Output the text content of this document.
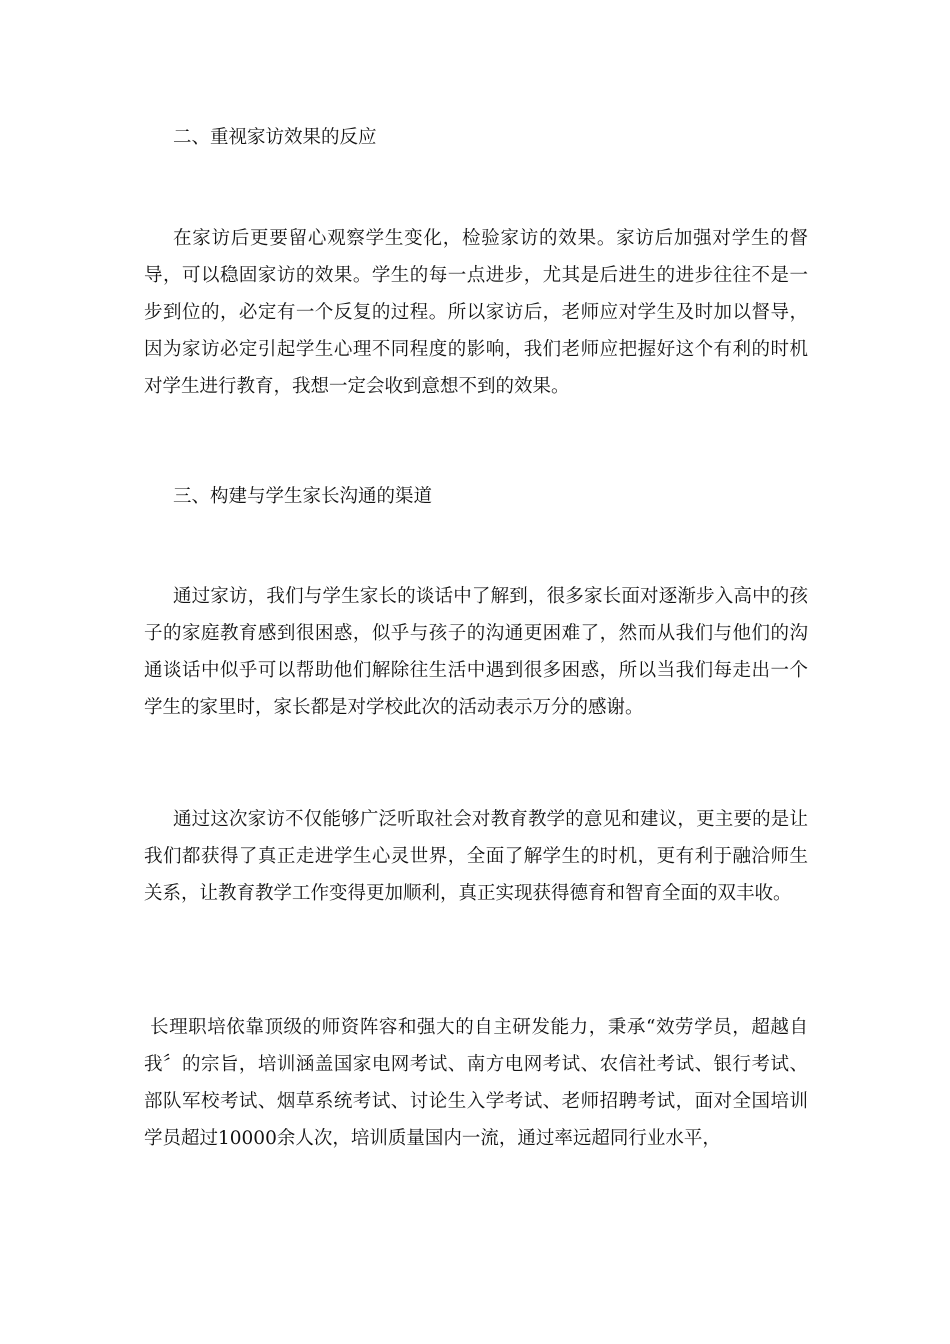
二、重视家访效果的反应

在家访后更要留心观察学生变化，检验家访的效果。家访后加强对学生的督导，可以稳固家访的效果。学生的每一点进步，尤其是后进生的进步往往不是一步到位的，必定有一个反复的过程。所以家访后，老师应对学生及时加以督导，因为家访必定引起学生心理不同程度的影响，我们老师应把握好这个有利的时机对学生进行教育，我想一定会收到意想不到的效果。

三、构建与学生家长沟通的渠道

通过家访，我们与学生家长的谈话中了解到，很多家长面对逐渐步入高中的孩子的家庭教育感到很困惑，似乎与孩子的沟通更困难了，然而从我们与他们的沟通谈话中似乎可以帮助他们解除往生活中遇到很多困惑，所以当我们每走出一个学生的家里时，家长都是对学校此次的活动表示万分的感谢。

通过这次家访不仅能够广泛听取社会对教育教学的意见和建议，更主要的是让我们都获得了真正走进学生心灵世界，全面了解学生的时机，更有利于融洽师生关系，让教育教学工作变得更加顺利，真正实现获得德育和智育全面的双丰收。

长理职培依靠顶级的师资阵容和强大的自主研发能力，秉承“效劳学员，超越自我〞的宗旨，培训涵盖国家电网考试、南方电网考试、农信社考试、银行考试、部队军校考试、烟草系统考试、讨论生入学考试、老师招聘考试，面对全国培训学员超过10000余人次，培训质量国内一流，通过率远超同行业水平，
